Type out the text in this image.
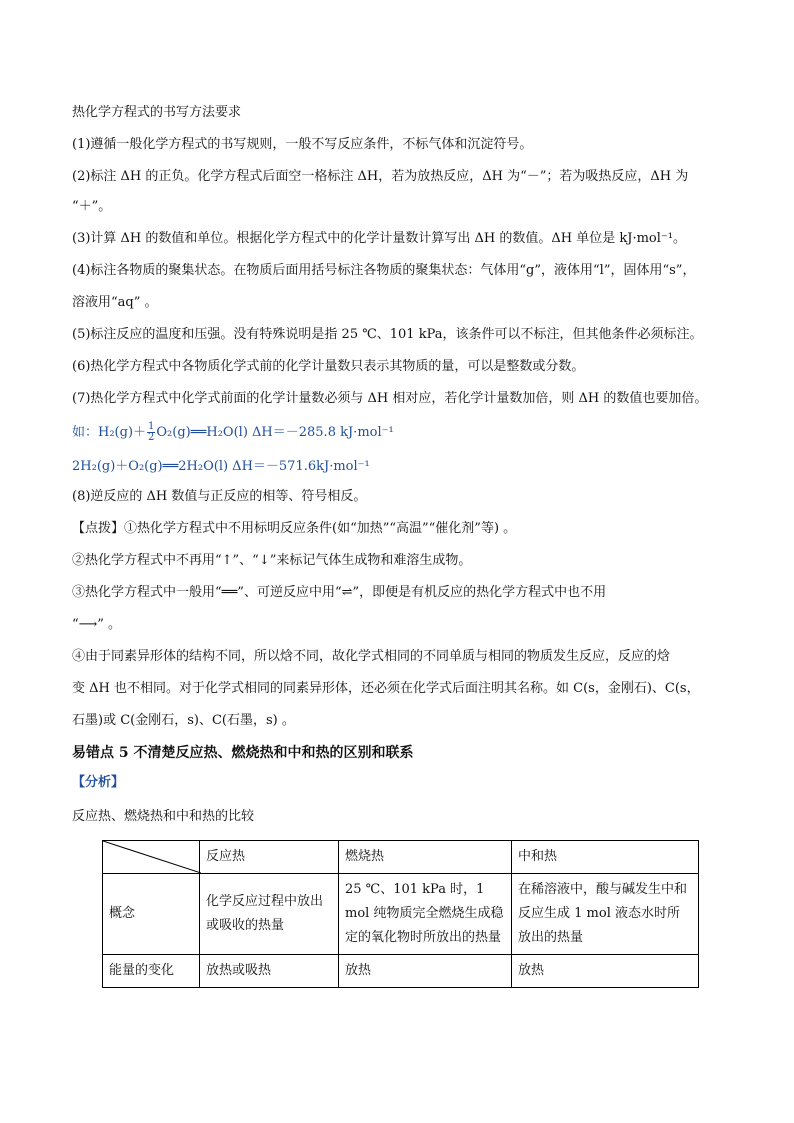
热化学方程式的书写方法要求
(1)遵循一般化学方程式的书写规则，一般不写反应条件，不标气体和沉淀符号。
(2)标注 ΔH 的正负。化学方程式后面空一格标注 ΔH，若为放热反应，ΔH 为“－”；若为吸热反应，ΔH 为
“＋”。
(3)计算 ΔH 的数值和单位。根据化学方程式中的化学计量数计算写出 ΔH 的数值。ΔH 单位是 kJ·mol⁻¹。
(4)标注各物质的聚集状态。在物质后面用括号标注各物质的聚集状态：气体用“g”，液体用“l”，固体用“s”，
溶液用“aq” 。
(5)标注反应的温度和压强。没有特殊说明是指 25 ℃、101 kPa，该条件可以不标注，但其他条件必须标注。
(6)热化学方程式中各物质化学式前的化学计量数只表示其物质的量，可以是整数或分数。
(7)热化学方程式中化学式前面的化学计量数必须与 ΔH 相对应，若化学计量数加倍，则 ΔH 的数值也要加倍。
如：$H_2(g)+ \frac{1}{2}$ O₂(g)══H₂O(l) ΔH＝－285.8 kJ·mol⁻¹
2H₂(g)＋O₂(g)══2H₂O(l) ΔH＝－571.6kJ·mol⁻¹
(8)逆反应的 ΔH 数值与正反应的相等、符号相反。
【点拨】①热化学方程式中不用标明反应条件(如“加热”“高温”“催化剂”等) 。
②热化学方程式中不再用“↑”、“↓”来标记气体生成物和难溶生成物。
③热化学方程式中一般用“══”、可逆反应中用“⇌”，即便是有机反应的热化学方程式中也不用
“⟶” 。
④由于同素异形体的结构不同，所以焓不同，故化学式相同的不同单质与相同的物质发生反应，反应的焓
变 ΔH 也不相同。对于化学式相同的同素异形体，还必须在化学式后面注明其名称。如 C(s，金刚石)、C(s，
石墨)或 C(金刚石，s)、C(石墨，s) 。
易错点 5 不清楚反应热、燃烧热和中和热的区别和联系
【分析】
反应热、燃烧热和中和热的比较
	反应热	燃烧热	中和热
概念	化学反应过程中放出或吸收的热量	25 ℃、101 kPa 时，1 mol 纯物质完全燃烧生成稳定的氧化物时所放出的热量	在稀溶液中，酸与碱发生中和反应生成 1 mol 液态水时所放出的热量
能量的变化	放热或吸热	放热	放热
